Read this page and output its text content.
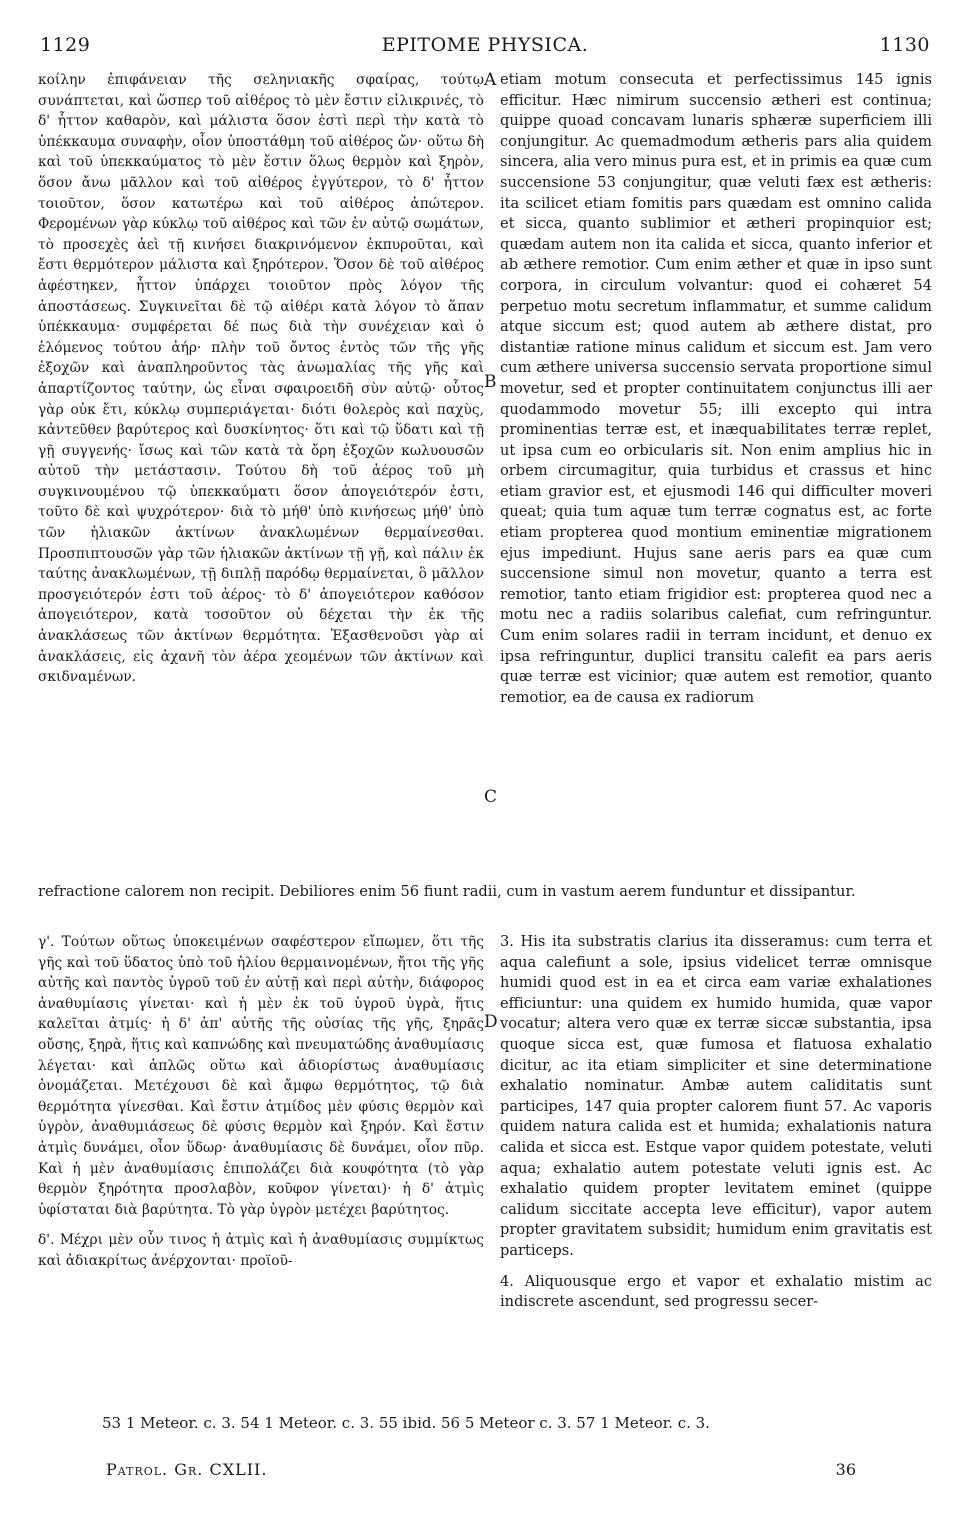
1129	EPITOME PHYSICA.	1130

κοίλην ἐπιφάνειαν τῆς σεληνιακῆς σφαίρας, τούτῳ συνάπτεται, καὶ ὥσπερ τοῦ αἰθέρος τὸ μὲν ἔστιν εἰλικρινές, τὸ δ' ἧττον καθαρὸν, καὶ μάλιστα ὅσον ἐστὶ περὶ τὴν κατὰ τὸ ὑπέκκαυμα συναφὴν, οἷον ὑποστάθμη τοῦ αἰθέρος ὤν· οὕτω δὴ καὶ τοῦ ὑπεκκαύματος τὸ μὲν ἔστιν ὅλως θερμὸν καὶ ξηρὸν, ὅσον ἄνω μᾶλλον καὶ τοῦ αἰθέρος ἐγγύτερον, τὸ δ' ἧττον τοιοῦτον, ὅσον κατωτέρω καὶ τοῦ αἰθέρος ἀπώτερον. Φερομένων γὰρ κύκλῳ τοῦ αἰθέρος καὶ τῶν ἐν αὐτῷ σωμάτων, τὸ προσεχὲς ἀεὶ τῇ κινήσει διακρινόμενον ἐκπυροῦται, καὶ ἔστι θερμότερον μάλιστα καὶ ξηρότερον. Ὅσον δὲ τοῦ αἰθέρος ἀφέστηκεν, ἧττον ὑπάρχει τοιοῦτον πρὸς λόγον τῆς ἀποστάσεως. Συγκινεῖται δὲ τῷ αἰθέρι κατὰ λόγον τὸ ἅπαν ὑπέκκαυμα· συμφέρεται δέ πως διὰ τὴν συνέχειαν καὶ ὁ ἑλόμενος τούτου ἀήρ· πλὴν τοῦ ὄντος ἐντὸς τῶν τῆς γῆς ἐξοχῶν καὶ ἀναπληροῦντος τὰς ἀνωμαλίας τῆς γῆς καὶ ἀπαρτίζοντος ταύτην, ὡς εἶναι σφαιροειδῆ σὺν αὐτῷ· οὗτος γὰρ οὐκ ἔτι, κύκλῳ συμπεριάγεται· διότι θολερὸς καὶ παχὺς, κἀντεῦθεν βαρύτερος καὶ δυσκίνητος· ὅτι καὶ τῷ ὕδατι καὶ τῇ γῇ συγγενής· ἴσως καὶ τῶν κατὰ τὰ ὄρη ἐξοχῶν κωλυουσῶν αὐτοῦ τὴν μετάστασιν. Τούτου δὴ τοῦ ἀέρος τοῦ μὴ συγκινουμένου τῷ ὑπεκκαύματι ὅσον ἀπογειότερόν ἐστι, τοῦτο δὲ καὶ ψυχρότερον· διὰ τὸ μήθ' ὑπὸ κινήσεως μήθ' ὑπὸ τῶν ἡλιακῶν ἀκτίνων ἀνακλωμένων θερμαίνεσθαι. Προσπιπτουσῶν γὰρ τῶν ἡλιακῶν ἀκτίνων τῇ γῇ, καὶ πάλιν ἐκ ταύτης ἀνακλωμένων, τῇ διπλῇ παρόδῳ θερμαίνεται, ὃ μᾶλλον προσγειότερόν ἐστι τοῦ ἀέρος· τὸ δ' ἀπογειότερον καθόσον ἀπογειότερον, κατὰ τοσοῦτον οὐ δέχεται τὴν ἐκ τῆς ἀνακλάσεως τῶν ἀκτίνων θερμότητα. Ἐξασθενοῦσι γὰρ αἱ ἀνακλάσεις, εἰς ἀχανῆ τὸν ἀέρα χεομένων τῶν ἀκτίνων καὶ σκιδναμένων.

etiam motum consecuta et perfectissimus 145 ignis efficitur. Hæc nimirum succensio ætheri est continua; quippe quoad concavam lunaris sphæræ superficiem illi conjungitur. Ac quemadmodum ætheris pars alia quidem sincera, alia vero minus pura est, et in primis ea quæ cum succensione 53 conjungitur, quæ veluti fæx est ætheris: ita scilicet etiam fomitis pars quædam est omnino calida et sicca, quanto sublimior et ætheri propinquior est; quædam autem non ita calida et sicca, quanto inferior et ab æthere remotior. Cum enim æther et quæ in ipso sunt corpora, in circulum volvantur: quod ei cohæret 54 perpetuo motu secretum inflammatur, et summe calidum atque siccum est; quod autem ab æthere distat, pro distantiæ ratione minus calidum et siccum est. Jam vero cum æthere universa succensio servata proportione simul movetur, sed et propter continuitatem conjunctus illi aer quodammodo movetur 55; illi excepto qui intra prominentias terræ est, et inæquabilitates terræ replet, ut ipsa cum eo orbicularis sit. Non enim amplius hic in orbem circumagitur, quia turbidus et crassus et hinc etiam gravior est, et ejusmodi 146 qui difficulter moveri queat; quia tum aquæ tum terræ cognatus est, ac forte etiam propterea quod montium eminentiæ migrationem ejus impediunt. Hujus sane aeris pars ea quæ cum succensione simul non movetur, quanto a terra est remotior, tanto etiam frigidior est: propterea quod nec a motu nec a radiis solaribus calefiat, cum refringuntur. Cum enim solares radii in terram incidunt, et denuo ex ipsa refringuntur, duplici transitu calefit ea pars aeris quæ terræ est vicinior; quæ autem est remotior, quanto remotior, ea de causa ex radiorum

A
B
C
D
refractione calorem non recipit. Debiliores enim 56 fiunt radii, cum in vastum aerem funduntur et dissipantur.

γ'. Τούτων οὕτως ὑποκειμένων σαφέστερον εἴπωμεν, ὅτι τῆς γῆς καὶ τοῦ ὕδατος ὑπὸ τοῦ ἡλίου θερμαινομένων, ἤτοι τῆς γῆς αὐτῆς καὶ παντὸς ὑγροῦ τοῦ ἐν αὐτῇ καὶ περὶ αὐτὴν, διάφορος ἀναθυμίασις γίνεται· καὶ ἡ μὲν ἐκ τοῦ ὑγροῦ ὑγρὰ, ἥτις καλεῖται ἀτμίς· ἡ δ' ἀπ' αὐτῆς τῆς οὐσίας τῆς γῆς, ξηρᾶς οὔσης, ξηρὰ, ἥτις καὶ καπνώδης καὶ πνευματώδης ἀναθυμίασις λέγεται· καὶ ἁπλῶς οὕτω καὶ ἀδιορίστως ἀναθυμίασις ὀνομάζεται. Μετέχουσι δὲ καὶ ἄμφω θερμότητος, τῷ διὰ θερμότητα γίνεσθαι. Καὶ ἔστιν ἀτμίδος μὲν φύσις θερμὸν καὶ ὑγρὸν, ἀναθυμιάσεως δὲ φύσις θερμὸν καὶ ξηρόν. Καὶ ἔστιν ἀτμὶς δυνάμει, οἷον ὕδωρ· ἀναθυμίασις δὲ δυνάμει, οἷον πῦρ. Καὶ ἡ μὲν ἀναθυμίασις ἐπιπολάζει διὰ κουφότητα (τὸ γὰρ θερμὸν ξηρότητα προσλαβὸν, κοῦφον γίνεται)· ἡ δ' ἀτμὶς ὑφίσταται διὰ βαρύτητα. Τὸ γὰρ ὑγρὸν μετέχει βαρύτητος.

δ'. Μέχρι μὲν οὖν τινος ἡ ἀτμὶς καὶ ἡ ἀναθυμίασις συμμίκτως καὶ ἀδιακρίτως ἀνέρχονται· προϊοῦ-

3. His ita substratis clarius ita disseramus: cum terra et aqua calefiunt a sole, ipsius videlicet terræ omnisque humidi quod est in ea et circa eam variæ exhalationes efficiuntur: una quidem ex humido humida, quæ vapor vocatur; altera vero quæ ex terræ siccæ substantia, ipsa quoque sicca est, quæ fumosa et flatuosa exhalatio dicitur, ac ita etiam simpliciter et sine determinatione exhalatio nominatur. Ambæ autem caliditatis sunt participes, 147 quia propter calorem fiunt 57. Ac vaporis quidem natura calida est et humida; exhalationis natura calida et sicca est. Estque vapor quidem potestate, veluti aqua; exhalatio autem potestate veluti ignis est. Ac exhalatio quidem propter levitatem eminet (quippe calidum siccitate accepta leve efficitur), vapor autem propter gravitatem subsidit; humidum enim gravitatis est particeps.

4. Aliquousque ergo et vapor et exhalatio mistim ac indiscrete ascendunt, sed progressu secer-

53 1 Meteor. c. 3. 54 1 Meteor. c. 3. 55 ibid. 56 5 Meteor c. 3. 57 1 Meteor. c. 3.
Patrol. Gr. CXLII.	36
